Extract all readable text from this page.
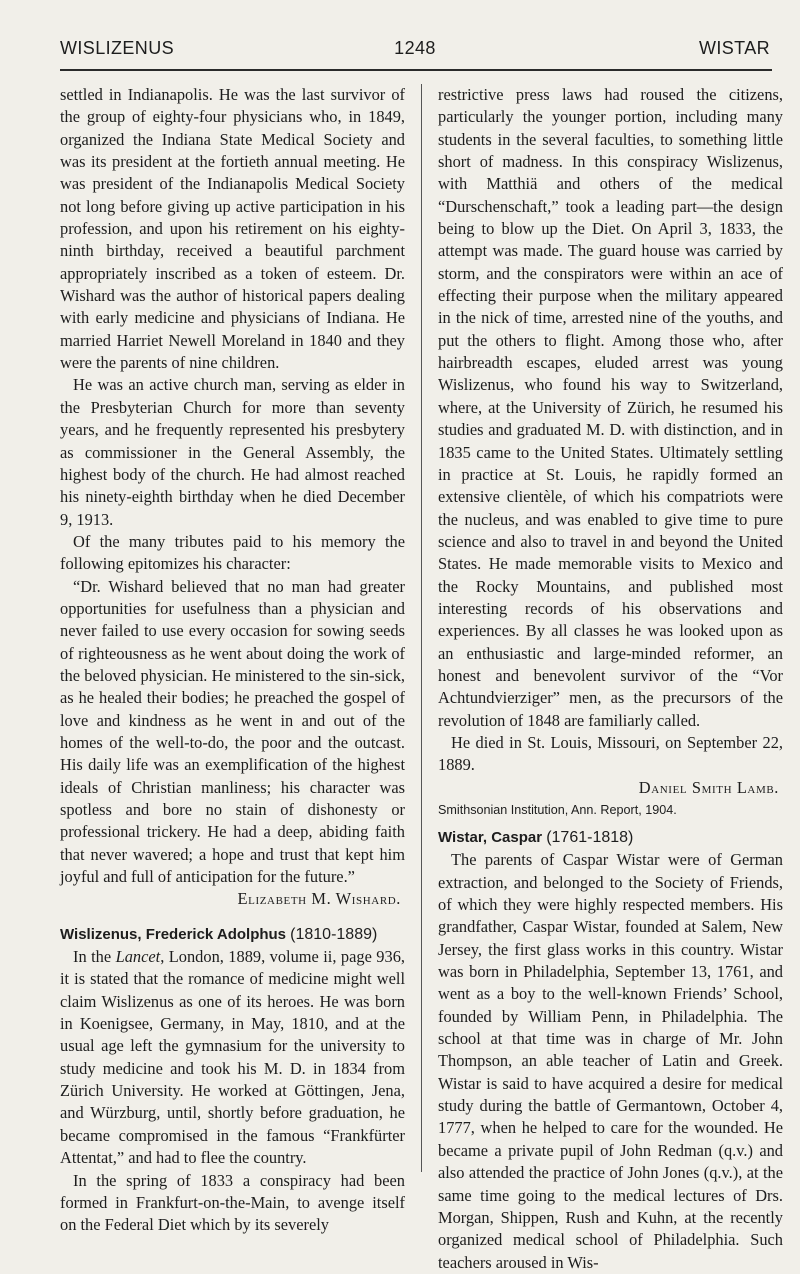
WISLIZENUS	1248	WISTAR

settled in Indianapolis. He was the last survivor of the group of eighty-four physicians who, in 1849, organized the Indiana State Medical Society and was its president at the fortieth annual meeting. He was president of the Indianapolis Medical Society not long before giving up active participation in his profession, and upon his retirement on his eighty-ninth birthday, received a beautiful parchment appropriately inscribed as a token of esteem. Dr. Wishard was the author of historical papers dealing with early medicine and physicians of Indiana. He married Harriet Newell Moreland in 1840 and they were the parents of nine children.

He was an active church man, serving as elder in the Presbyterian Church for more than seventy years, and he frequently represented his presbytery as commissioner in the General Assembly, the highest body of the church. He had almost reached his ninety-eighth birthday when he died December 9, 1913.

Of the many tributes paid to his memory the following epitomizes his character:

“Dr. Wishard believed that no man had greater opportunities for usefulness than a physician and never failed to use every occasion for sowing seeds of righteousness as he went about doing the work of the beloved physician. He ministered to the sin-sick, as he healed their bodies; he preached the gospel of love and kindness as he went in and out of the homes of the well-to-do, the poor and the outcast. His daily life was an exemplification of the highest ideals of Christian manliness; his character was spotless and bore no stain of dishonesty or professional trickery. He had a deep, abiding faith that never wavered; a hope and trust that kept him joyful and full of anticipation for the future.”

Elizabeth M. Wishard.

Wislizenus, Frederick Adolphus (1810-1889)

In the Lancet, London, 1889, volume ii, page 936, it is stated that the romance of medicine might well claim Wislizenus as one of its heroes. He was born in Koenigsee, Germany, in May, 1810, and at the usual age left the gymnasium for the university to study medicine and took his M. D. in 1834 from Zürich University. He worked at Göttingen, Jena, and Würzburg, until, shortly before graduation, he became compromised in the famous “Frankfürter Attentat,” and had to flee the country.

In the spring of 1833 a conspiracy had been formed in Frankfurt-on-the-Main, to avenge itself on the Federal Diet which by its severely

restrictive press laws had roused the citizens, particularly the younger portion, including many students in the several faculties, to something little short of madness. In this conspiracy Wislizenus, with Matthiä and others of the medical “Durschenschaft,” took a leading part—the design being to blow up the Diet. On April 3, 1833, the attempt was made. The guard house was carried by storm, and the conspirators were within an ace of effecting their purpose when the military appeared in the nick of time, arrested nine of the youths, and put the others to flight. Among those who, after hairbreadth escapes, eluded arrest was young Wislizenus, who found his way to Switzerland, where, at the University of Zürich, he resumed his studies and graduated M. D. with distinction, and in 1835 came to the United States. Ultimately settling in practice at St. Louis, he rapidly formed an extensive clientèle, of which his compatriots were the nucleus, and was enabled to give time to pure science and also to travel in and beyond the United States. He made memorable visits to Mexico and the Rocky Mountains, and published most interesting records of his observations and experiences. By all classes he was looked upon as an enthusiastic and large-minded reformer, an honest and benevolent survivor of the “Vor Achtundvierziger” men, as the precursors of the revolution of 1848 are familiarly called.

He died in St. Louis, Missouri, on September 22, 1889.

Daniel Smith Lamb.

Smithsonian Institution, Ann. Report, 1904.

Wistar, Caspar (1761-1818)

The parents of Caspar Wistar were of German extraction, and belonged to the Society of Friends, of which they were highly respected members. His grandfather, Caspar Wistar, founded at Salem, New Jersey, the first glass works in this country. Wistar was born in Philadelphia, September 13, 1761, and went as a boy to the well-known Friends’ School, founded by William Penn, in Philadelphia. The school at that time was in charge of Mr. John Thompson, an able teacher of Latin and Greek. Wistar is said to have acquired a desire for medical study during the battle of Germantown, October 4, 1777, when he helped to care for the wounded. He became a private pupil of John Redman (q.v.) and also attended the practice of John Jones (q.v.), at the same time going to the medical lectures of Drs. Morgan, Shippen, Rush and Kuhn, at the recently organized medical school of Philadelphia. Such teachers aroused in Wis-
